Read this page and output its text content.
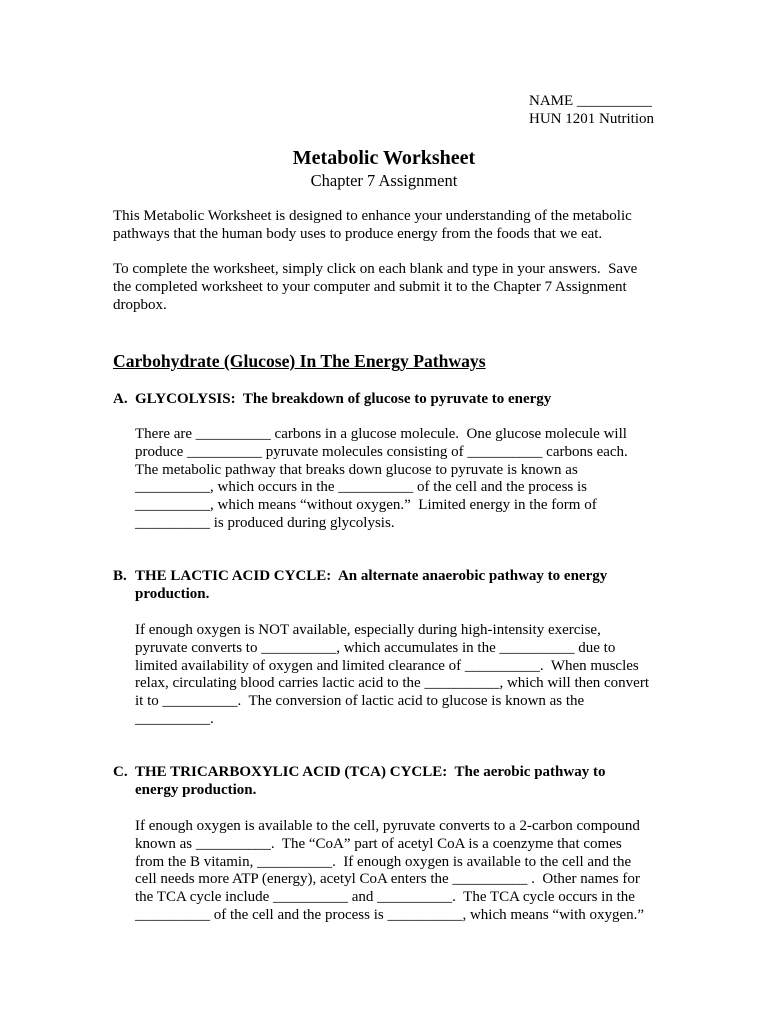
NAME __________
HUN 1201 Nutrition
Metabolic Worksheet
Chapter 7 Assignment
This Metabolic Worksheet is designed to enhance your understanding of the metabolic
pathways that the human body uses to produce energy from the foods that we eat.
To complete the worksheet, simply click on each blank and type in your answers.  Save
the completed worksheet to your computer and submit it to the Chapter 7 Assignment
dropbox.
Carbohydrate (Glucose) In The Energy Pathways
A. GLYCOLYSIS:  The breakdown of glucose to pyruvate to energy
There are __________ carbons in a glucose molecule.  One glucose molecule will
produce __________ pyruvate molecules consisting of __________ carbons each.
The metabolic pathway that breaks down glucose to pyruvate is known as
__________, which occurs in the __________ of the cell and the process is
__________, which means “without oxygen.”  Limited energy in the form of
__________ is produced during glycolysis.
B. THE LACTIC ACID CYCLE:  An alternate anaerobic pathway to energy
production.
If enough oxygen is NOT available, especially during high-intensity exercise,
pyruvate converts to __________, which accumulates in the __________ due to
limited availability of oxygen and limited clearance of __________.  When muscles
relax, circulating blood carries lactic acid to the __________, which will then convert
it to __________.  The conversion of lactic acid to glucose is known as the
__________.
C. THE TRICARBOXYLIC ACID (TCA) CYCLE:  The aerobic pathway to
energy production.
If enough oxygen is available to the cell, pyruvate converts to a 2-carbon compound
known as __________.  The “CoA” part of acetyl CoA is a coenzyme that comes
from the B vitamin, __________.  If enough oxygen is available to the cell and the
cell needs more ATP (energy), acetyl CoA enters the __________ .  Other names for
the TCA cycle include __________ and __________.  The TCA cycle occurs in the
__________ of the cell and the process is __________, which means “with oxygen.”
